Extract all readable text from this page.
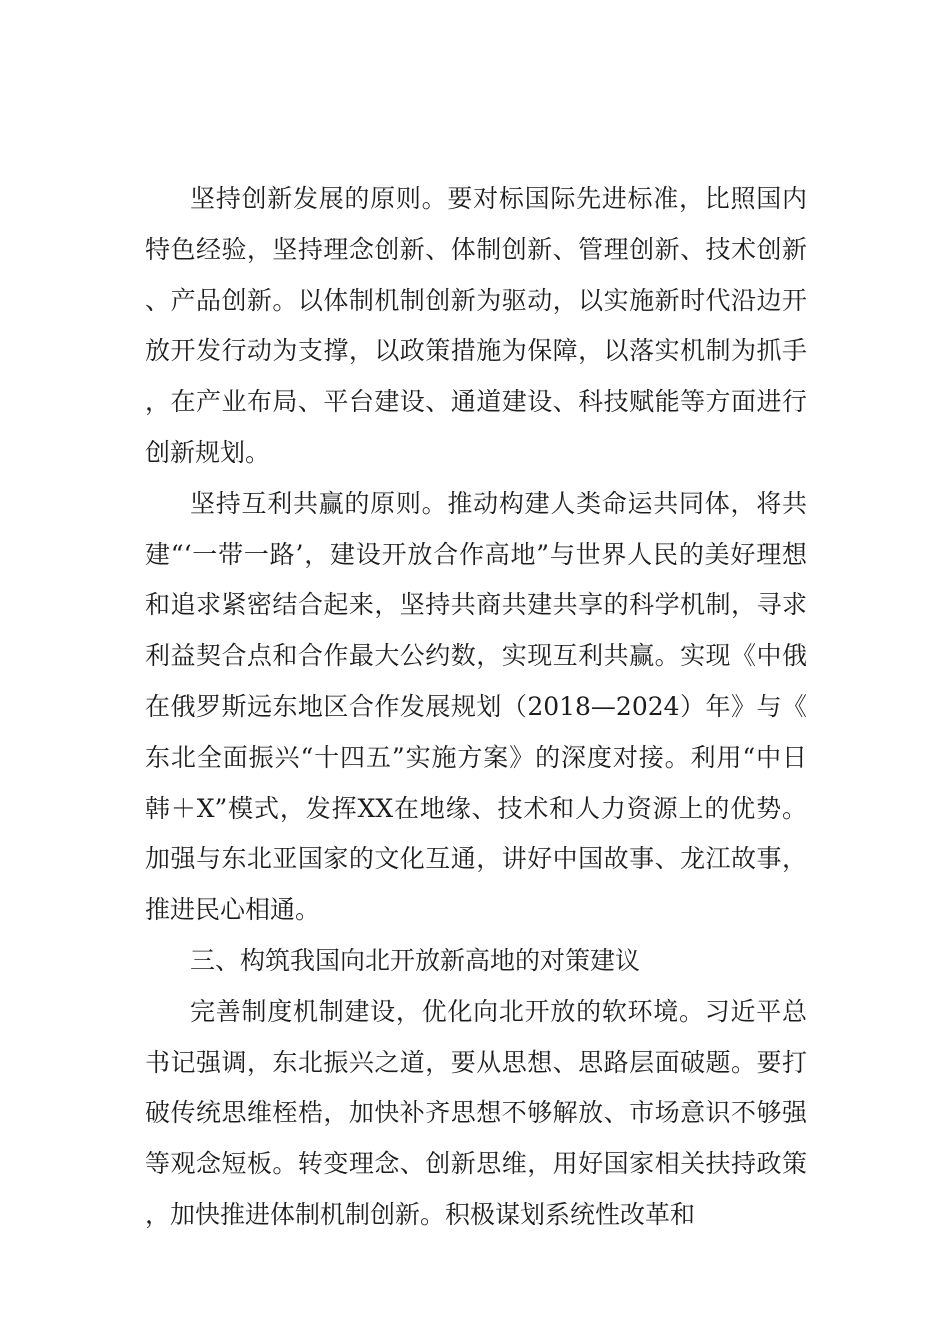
坚持创新发展的原则。要对标国际先进标准，比照国内特色经验，坚持理念创新、体制创新、管理创新、技术创新、产品创新。以体制机制创新为驱动，以实施新时代沿边开放开发行动为支撑，以政策措施为保障，以落实机制为抓手，在产业布局、平台建设、通道建设、科技赋能等方面进行创新规划。

坚持互利共赢的原则。推动构建人类命运共同体，将共建“‘一带一路’，建设开放合作高地”与世界人民的美好理想和追求紧密结合起来，坚持共商共建共享的科学机制，寻求利益契合点和合作最大公约数，实现互利共赢。实现《中俄在俄罗斯远东地区合作发展规划（2018—2024）年》与《东北全面振兴“十四五”实施方案》的深度对接。利用“中日韩＋X”模式，发挥XX在地缘、技术和人力资源上的优势。加强与东北亚国家的文化互通，讲好中国故事、龙江故事，推进民心相通。

三、构筑我国向北开放新高地的对策建议

完善制度机制建设，优化向北开放的软环境。习近平总书记强调，东北振兴之道，要从思想、思路层面破题。要打破传统思维桎梏，加快补齐思想不够解放、市场意识不够强等观念短板。转变理念、创新思维，用好国家相关扶持政策，加快推进体制机制创新。积极谋划系统性改革和
